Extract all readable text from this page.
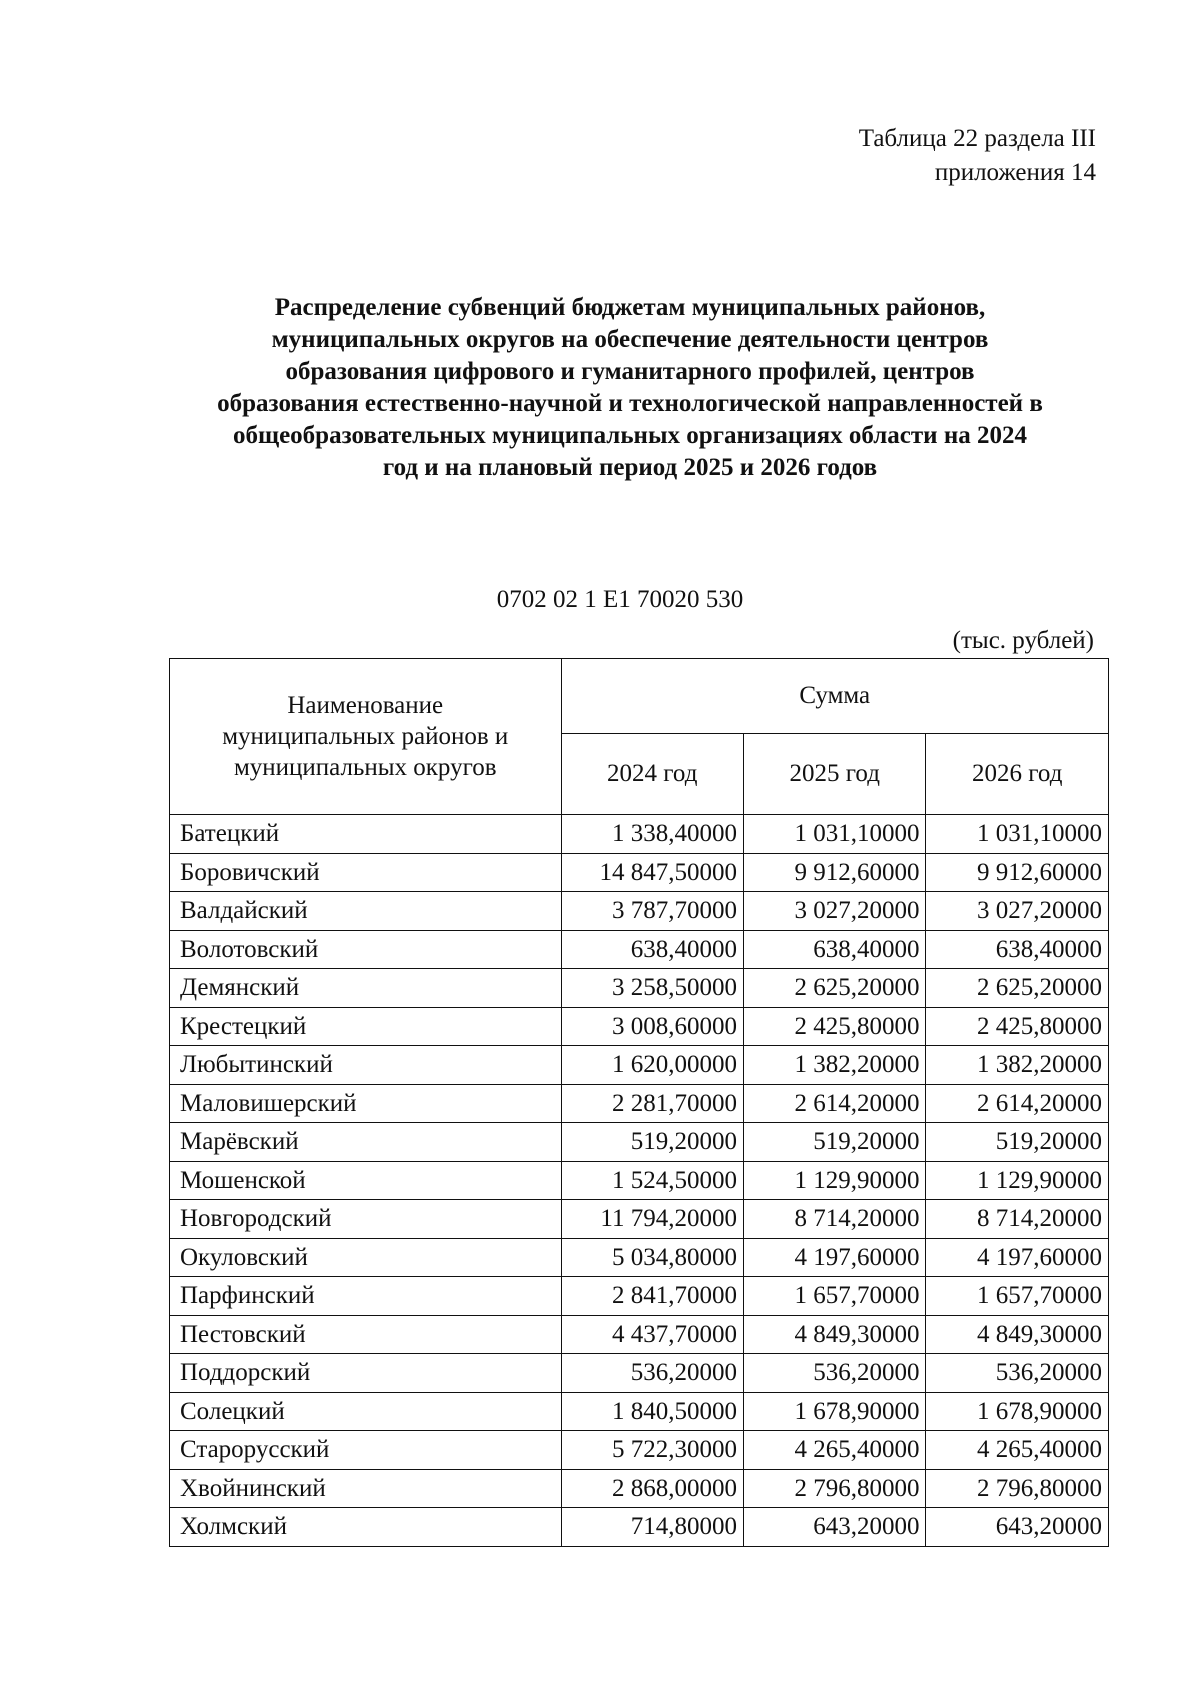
Таблица 22 раздела III
приложения 14
Распределение субвенций бюджетам муниципальных районов,
муниципальных округов на обеспечение деятельности центров
образования цифрового и гуманитарного профилей, центров
образования естественно-научной и технологической направленностей в
общеобразовательных муниципальных организациях области на 2024
год и на плановый период 2025 и 2026 годов
0702 02 1 E1 70020 530
(тыс. рублей)
Наименование
муниципальных районов и
муниципальных округов	Сумма		
	2024 год	2025 год	2026 год
Батецкий	1 338,40000	1 031,10000	1 031,10000
Боровичский	14 847,50000	9 912,60000	9 912,60000
Валдайский	3 787,70000	3 027,20000	3 027,20000
Волотовский	638,40000	638,40000	638,40000
Демянский	3 258,50000	2 625,20000	2 625,20000
Крестецкий	3 008,60000	2 425,80000	2 425,80000
Любытинский	1 620,00000	1 382,20000	1 382,20000
Маловишерский	2 281,70000	2 614,20000	2 614,20000
Марёвский	519,20000	519,20000	519,20000
Мошенской	1 524,50000	1 129,90000	1 129,90000
Новгородский	11 794,20000	8 714,20000	8 714,20000
Окуловский	5 034,80000	4 197,60000	4 197,60000
Парфинский	2 841,70000	1 657,70000	1 657,70000
Пестовский	4 437,70000	4 849,30000	4 849,30000
Поддорский	536,20000	536,20000	536,20000
Солецкий	1 840,50000	1 678,90000	1 678,90000
Старорусский	5 722,30000	4 265,40000	4 265,40000
Хвойнинский	2 868,00000	2 796,80000	2 796,80000
Холмский	714,80000	643,20000	643,20000
